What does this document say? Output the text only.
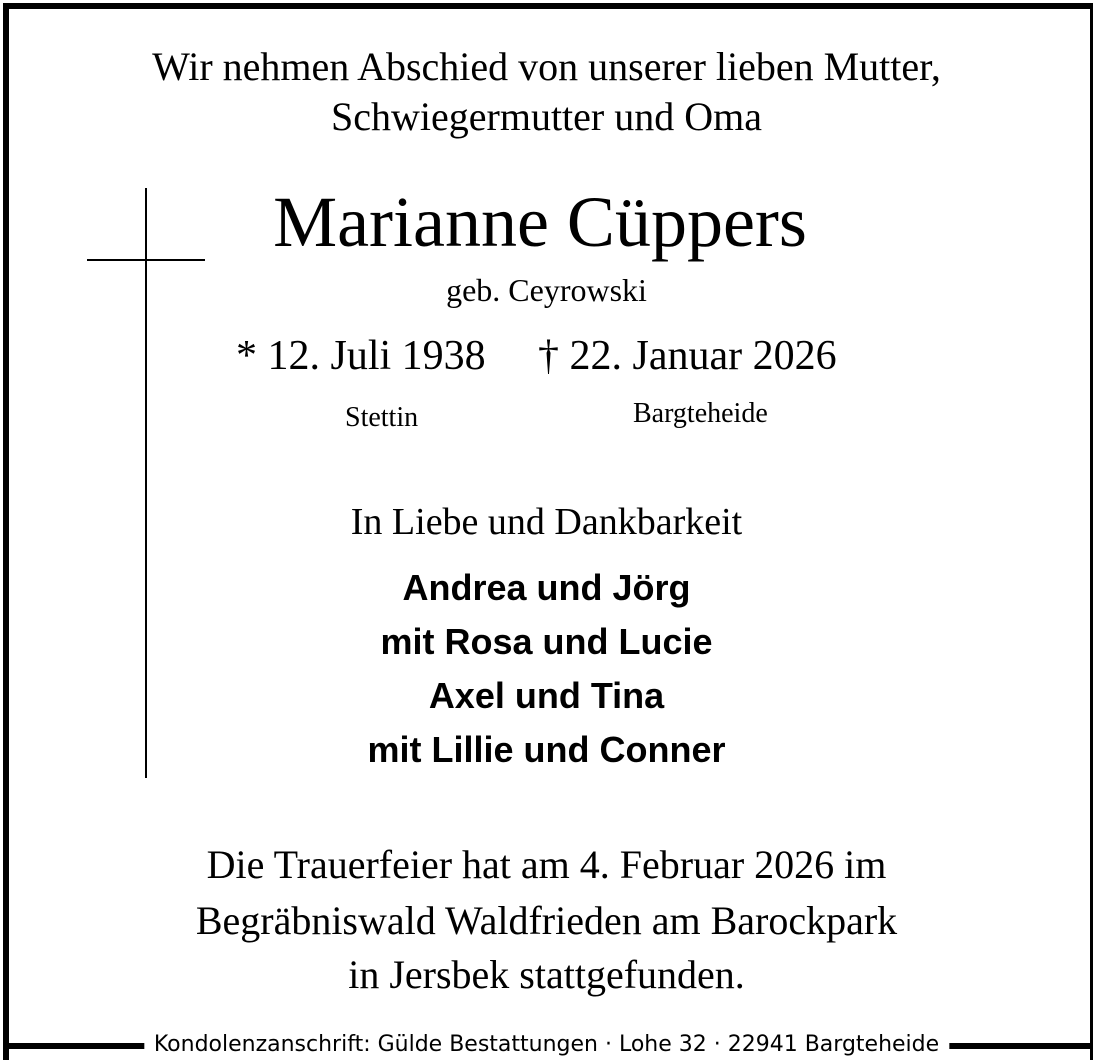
Wir nehmen Abschied von unserer lieben Mutter,
Schwiegermutter und Oma
Marianne Cüppers
geb. Ceyrowski
* 12. Juli 1938 † 22. Januar 2026
Stettin	Bargteheide
In Liebe und Dankbarkeit
Andrea und Jörg
mit Rosa und Lucie
Axel und Tina
mit Lillie und Conner
Die Trauerfeier hat am 4. Februar 2026 im
Begräbniswald Waldfrieden am Barockpark
in Jersbek stattgefunden.
Kondolenzanschrift: Gülde Bestattungen · Lohe 32 · 22941 Bargteheide
